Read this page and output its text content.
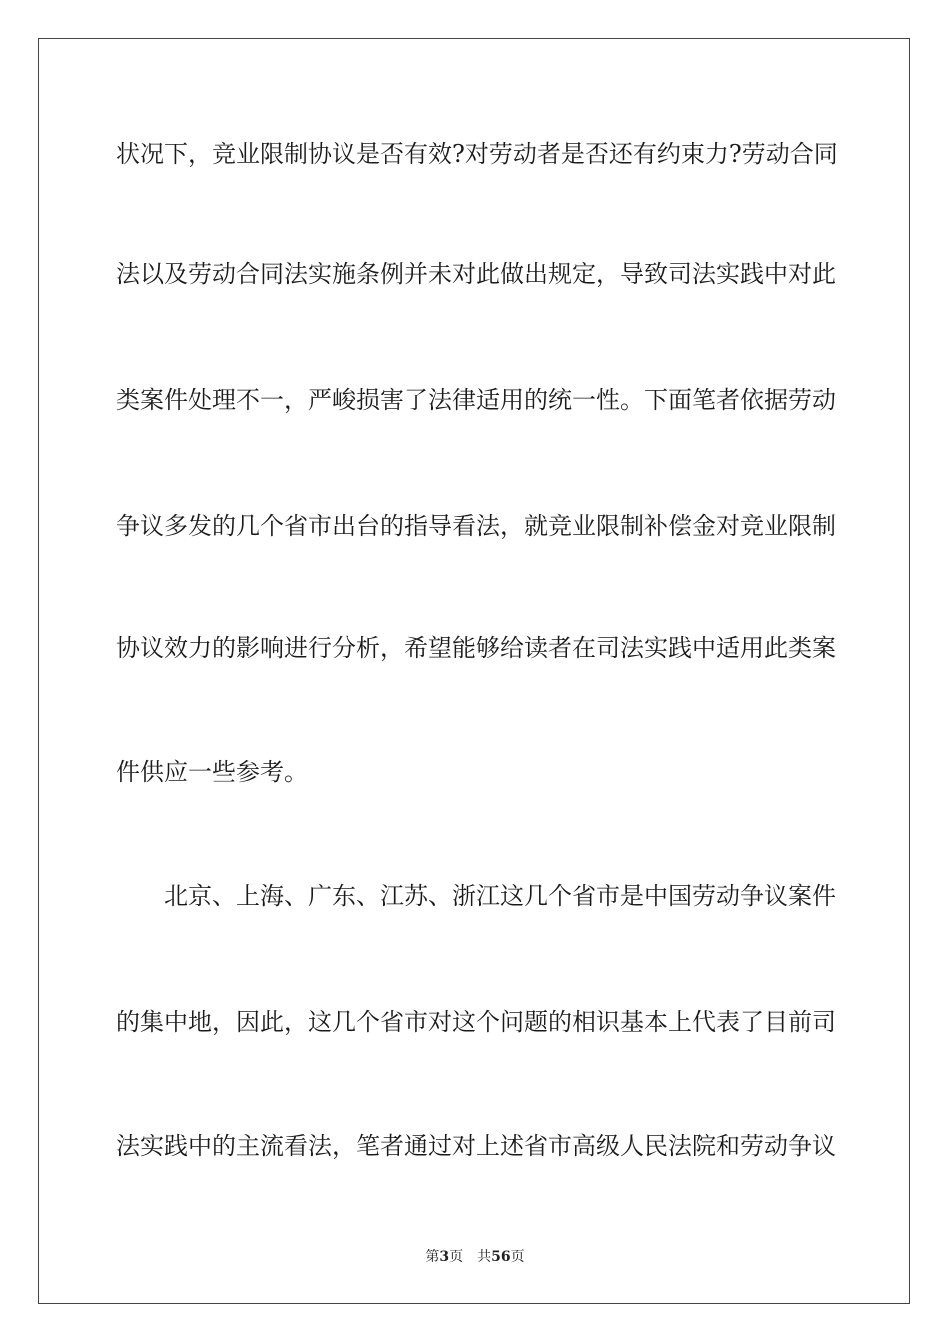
状况下，竞业限制协议是否有效?对劳动者是否还有约束力?劳动合同
法以及劳动合同法实施条例并未对此做出规定，导致司法实践中对此
类案件处理不一，严峻损害了法律适用的统一性。下面笔者依据劳动
争议多发的几个省市出台的指导看法，就竞业限制补偿金对竞业限制
协议效力的影响进行分析，希望能够给读者在司法实践中适用此类案
件供应一些参考。
北京、上海、广东、江苏、浙江这几个省市是中国劳动争议案件
的集中地，因此，这几个省市对这个问题的相识基本上代表了目前司
法实践中的主流看法，笔者通过对上述省市高级人民法院和劳动争议
第3页 共56页
